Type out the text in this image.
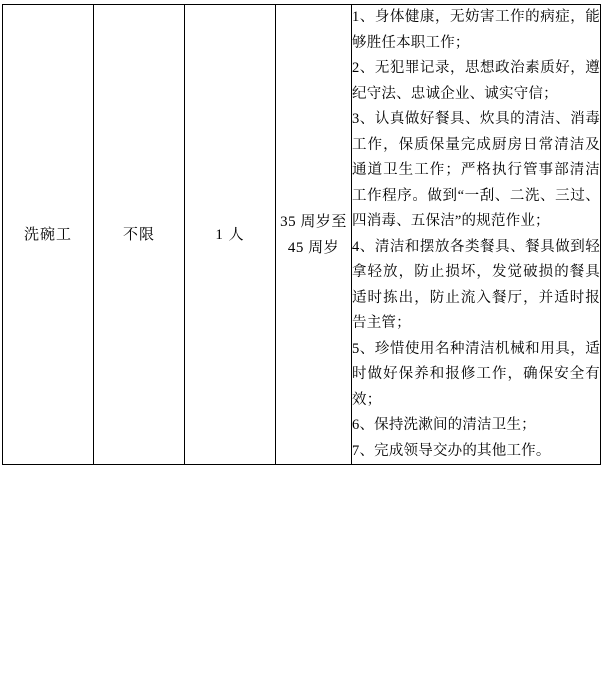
洗碗工	不限	1 人	35 周岁至 45 周岁	
1、身体健康，无妨害工作的病症，能够胜任本职工作；
2、无犯罪记录，思想政治素质好，遵纪守法、忠诚企业、诚实守信；
3、认真做好餐具、炊具的清洁、消毒工作，保质保量完成厨房日常清洁及通道卫生工作；严格执行管事部清洁工作程序。做到“一刮、二洗、三过、四消毒、五保洁”的规范作业；
4、清洁和摆放各类餐具、餐具做到轻拿轻放，防止损坏，发觉破损的餐具适时拣出，防止流入餐厅，并适时报告主管；
5、珍惜使用名种清洁机械和用具，适时做好保养和报修工作，确保安全有效；
6、保持洗漱间的清洁卫生；
7、完成领导交办的其他工作。
